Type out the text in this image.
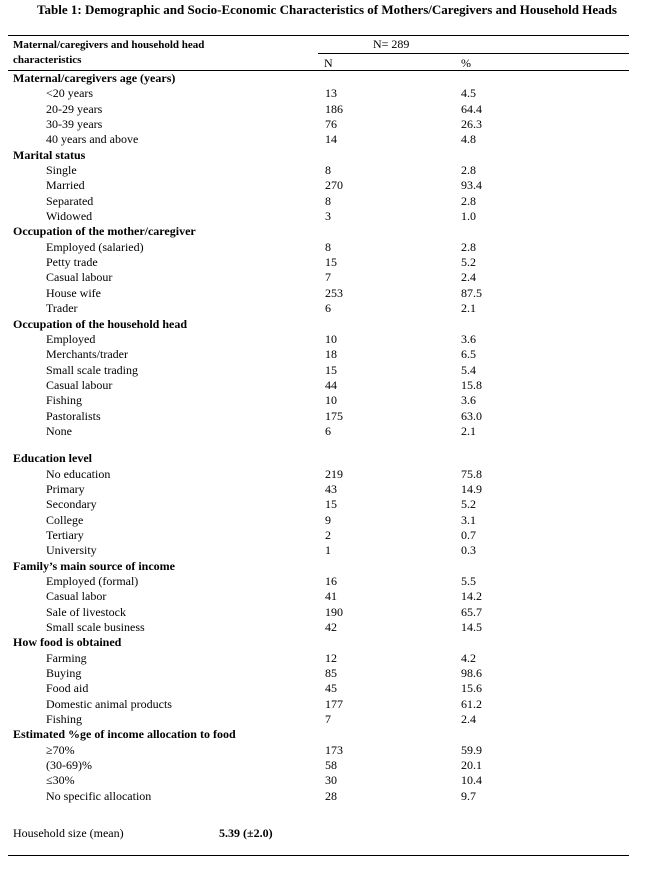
Table 1: Demographic and Socio-Economic Characteristics of Mothers/Caregivers and Household Heads
Maternal/caregivers and household head
characteristics
N= 289
N	%
Maternal/caregivers age (years)
<20 years	13	4.5
20-29 years	186	64.4
30-39 years	76	26.3
40 years and above	14	4.8
Marital status
Single	8	2.8
Married	270	93.4
Separated	8	2.8
Widowed	3	1.0
Occupation of the mother/caregiver
Employed (salaried)	8	2.8
Petty trade	15	5.2
Casual labour	7	2.4
House wife	253	87.5
Trader	6	2.1
Occupation of the household head
Employed	10	3.6
Merchants/trader	18	6.5
Small scale trading	15	5.4
Casual labour	44	15.8
Fishing	10	3.6
Pastoralists	175	63.0
None	6	2.1
Education level
No education	219	75.8
Primary	43	14.9
Secondary	15	5.2
College	9	3.1
Tertiary	2	0.7
University	1	0.3
Family’s main source of income
Employed (formal)	16	5.5
Casual labor	41	14.2
Sale of livestock	190	65.7
Small scale business	42	14.5
How food is obtained
Farming	12	4.2
Buying	85	98.6
Food aid	45	15.6
Domestic animal products	177	61.2
Fishing	7	2.4
Estimated %ge of income allocation to food
≥70%	173	59.9
(30-69)%	58	20.1
≤30%	30	10.4
No specific allocation	28	9.7
Household size (mean)	5.39 (±2.0)
